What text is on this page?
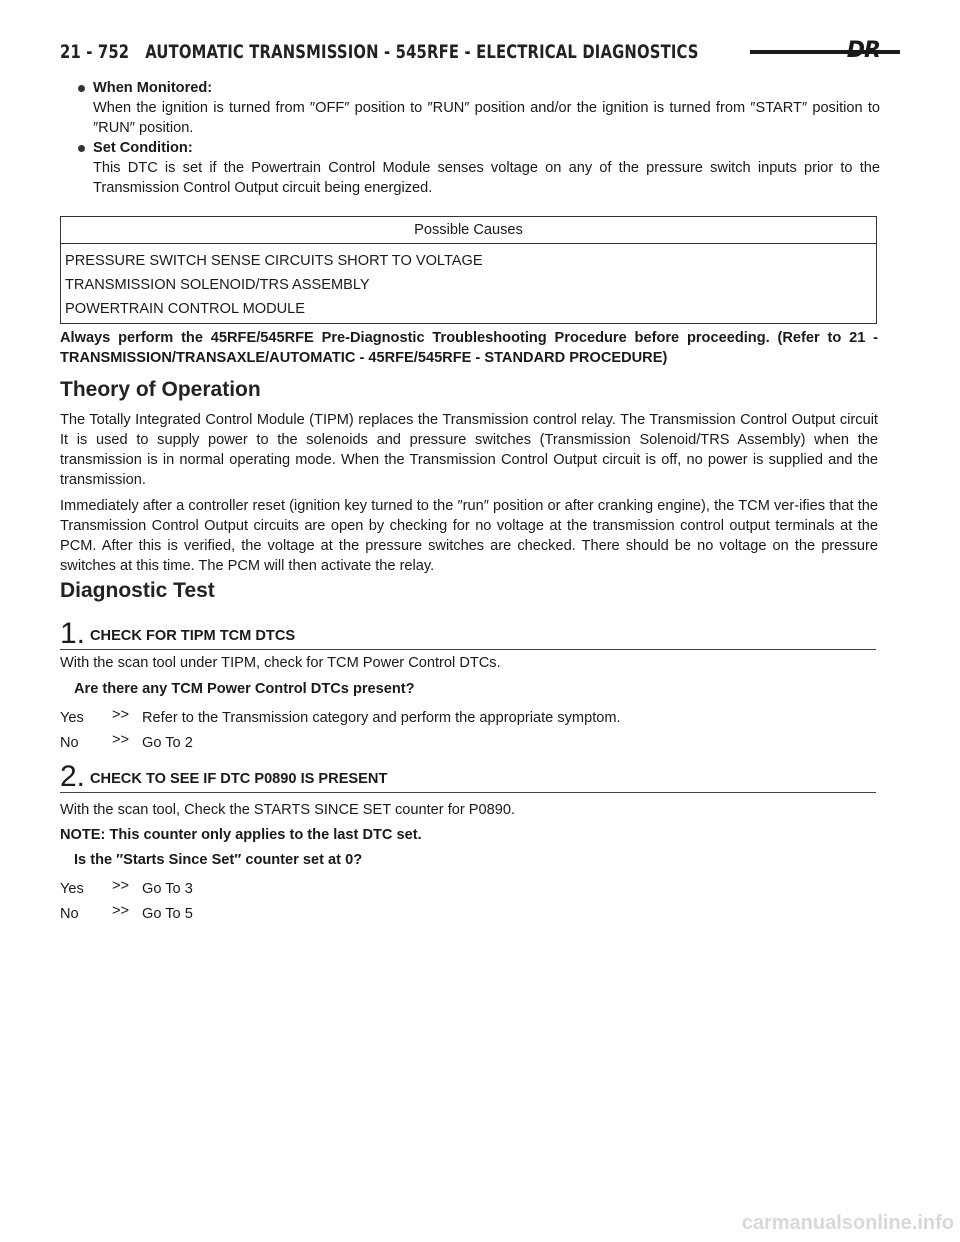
21 - 752 AUTOMATIC TRANSMISSION - 545RFE - ELECTRICAL DIAGNOSTICS	DR
When Monitored:
When the ignition is turned from ″OFF″ position to ″RUN″ position and/or the ignition is turned from ″START″ position to ″RUN″ position.
Set Condition:
This DTC is set if the Powertrain Control Module senses voltage on any of the pressure switch inputs prior to the Transmission Control Output circuit being energized.
Possible Causes
PRESSURE SWITCH SENSE CIRCUITS SHORT TO VOLTAGE
TRANSMISSION SOLENOID/TRS ASSEMBLY
POWERTRAIN CONTROL MODULE
Always perform the 45RFE/545RFE Pre-Diagnostic Troubleshooting Procedure before proceeding. (Refer to 21 - TRANSMISSION/TRANSAXLE/AUTOMATIC - 45RFE/545RFE - STANDARD PROCEDURE)
Theory of Operation
The Totally Integrated Control Module (TIPM) replaces the Transmission control relay. The Transmission Control Output circuit It is used to supply power to the solenoids and pressure switches (Transmission Solenoid/TRS Assembly) when the transmission is in normal operating mode. When the Transmission Control Output circuit is off, no power is supplied and the transmission.
Immediately after a controller reset (ignition key turned to the ″run″ position or after cranking engine), the TCM ver-ifies that the Transmission Control Output circuits are open by checking for no voltage at the transmission control output terminals at the PCM. After this is verified, the voltage at the pressure switches are checked. There should be no voltage on the pressure switches at this time. The PCM will then activate the relay.
Diagnostic Test
1. CHECK FOR TIPM TCM DTCS
With the scan tool under TIPM, check for TCM Power Control DTCs.
Are there any TCM Power Control DTCs present?
Yes	>> Refer to the Transmission category and perform the appropriate symptom.
No	>> Go To 2
2. CHECK TO SEE IF DTC P0890 IS PRESENT
With the scan tool, Check the STARTS SINCE SET counter for P0890.
NOTE: This counter only applies to the last DTC set.
Is the ″Starts Since Set″ counter set at 0?
Yes	>> Go To 3
No	>> Go To 5
carmanualsonline.info
